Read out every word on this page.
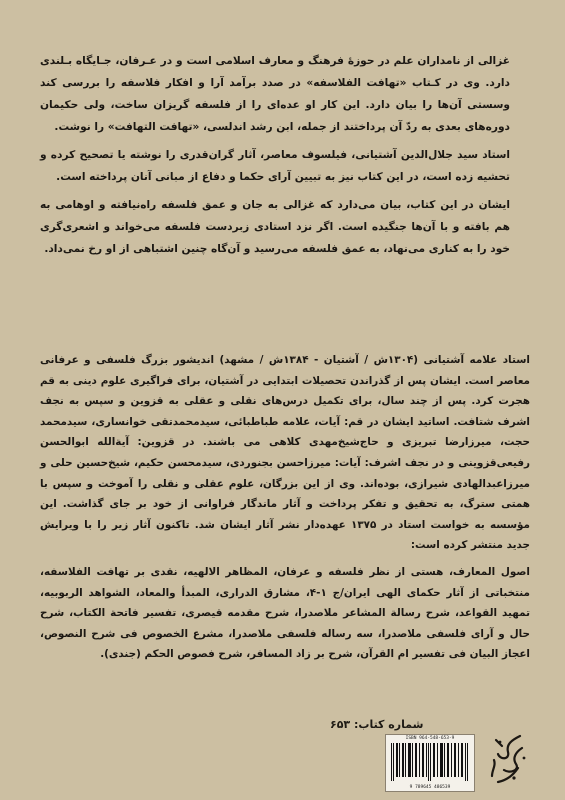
غزالی از نامداران علم در حوزۀ فرهنگ و معارف اسلامی است و در عـرفان، جـایگاه بـلندی دارد. وی در کـتاب «تهافت الفلاسفه» در صدد برآمد آرا و افکار فلاسفه را بررسی کند وسستی آن‌ها را بیان دارد. این کار او عده‌ای را از فلسفه گریزان ساخت، ولی حکیمان دوره‌های بعدی به ردّ آن پرداختند از جمله، ابن رشد اندلسی، «تهافت التهافت» را نوشت.

استاد سید جلال‌الدین آشتیانی، فیلسوف معاصر، آثار گران‌قدری را نوشته یا تصحیح کرده و تحشیه زده است، در این کتاب نیز به تبیین آرای حکما و دفاع از مبانی آنان پرداخته است.

ایشان در این کتاب، بیان می‌دارد که غزالی به جان و عمق فلسفه راه‌نیافته و اوهامی به هم بافته و با آن‌ها جنگیده است. اگر نزد استادی زبردست فلسفه می‌خواند و اشعری‌گری خود را به کناری می‌نهاد، به عمق فلسفه می‌رسید و آن‌گاه چنین اشتباهی از او رخ نمی‌داد.

استاد علامه آشتیانی (۱۳۰۴ش / آشتیان - ۱۳۸۴ش / مشهد) اندیشور بزرگ فلسفی و عرفانی معاصر است. ایشان پس از گذراندن تحصیلات ابتدایی در آشتیان، برای فراگیری علوم دینی به قم هجرت کرد. پس از چند سال، برای تکمیل درس‌های نقلی و عقلی به قزوین و سپس به نجف اشرف شتافت. اساتید ایشان در قم: آیات، علامه طباطبائی، سیدمحمدتقی خوانساری، سیدمحمد حجت، میرزارضا تبریزی و حاج‌شیخ‌مهدی کلاهی می باشند. در قزوین: آیة‌الله ابوالحسن رفیعی‌قزوینی و در نجف اشرف: آیات: میرزاحسن بجنوردی، سیدمحسن حکیم، شیخ‌حسین حلی و میرزاعبدالهادی شیرازی، بوده‌اند. وی از این بزرگان، علوم عقلی و نقلی را آموخت و سپس با همتی سترگ، به تحقیق و تفکر پرداخت و آثار ماندگار فراوانی از خود بر جای گذاشت. این مؤسسه به خواست استاد در ۱۳۷۵ عهده‌دار نشر آثار ایشان شد. تاکنون آثار زیر را با ویرایش جدید منتشر کرده است:

اصول المعارف، هستی از نظر فلسفه و عرفان، المظاهر الالهیه، نقدی بر تهافت الفلاسفه، منتخباتی از آثار حکمای الهی ایران/ج ۱-۴، مشارق الدراری، المبدأ والمعاد، الشواهد الربوبیه، تمهید القواعد، شرح رسالة المشاعر ملاصدرا، شرح مقدمه قیصری، تفسیر فاتحة الکتاب، شرح حال و آرای فلسفی ملاصدرا، سه رساله فلسفی ملاصدرا، مشرع الخصوص فی شرح النصوص، اعجاز البیان فی تفسیر ام القرآن، شرح بر زاد المسافر، شرح فصوص الحکم (جندی).

شماره کتاب: ۶۵۳
ISBN 964-548-653-9
9 789645 486539
